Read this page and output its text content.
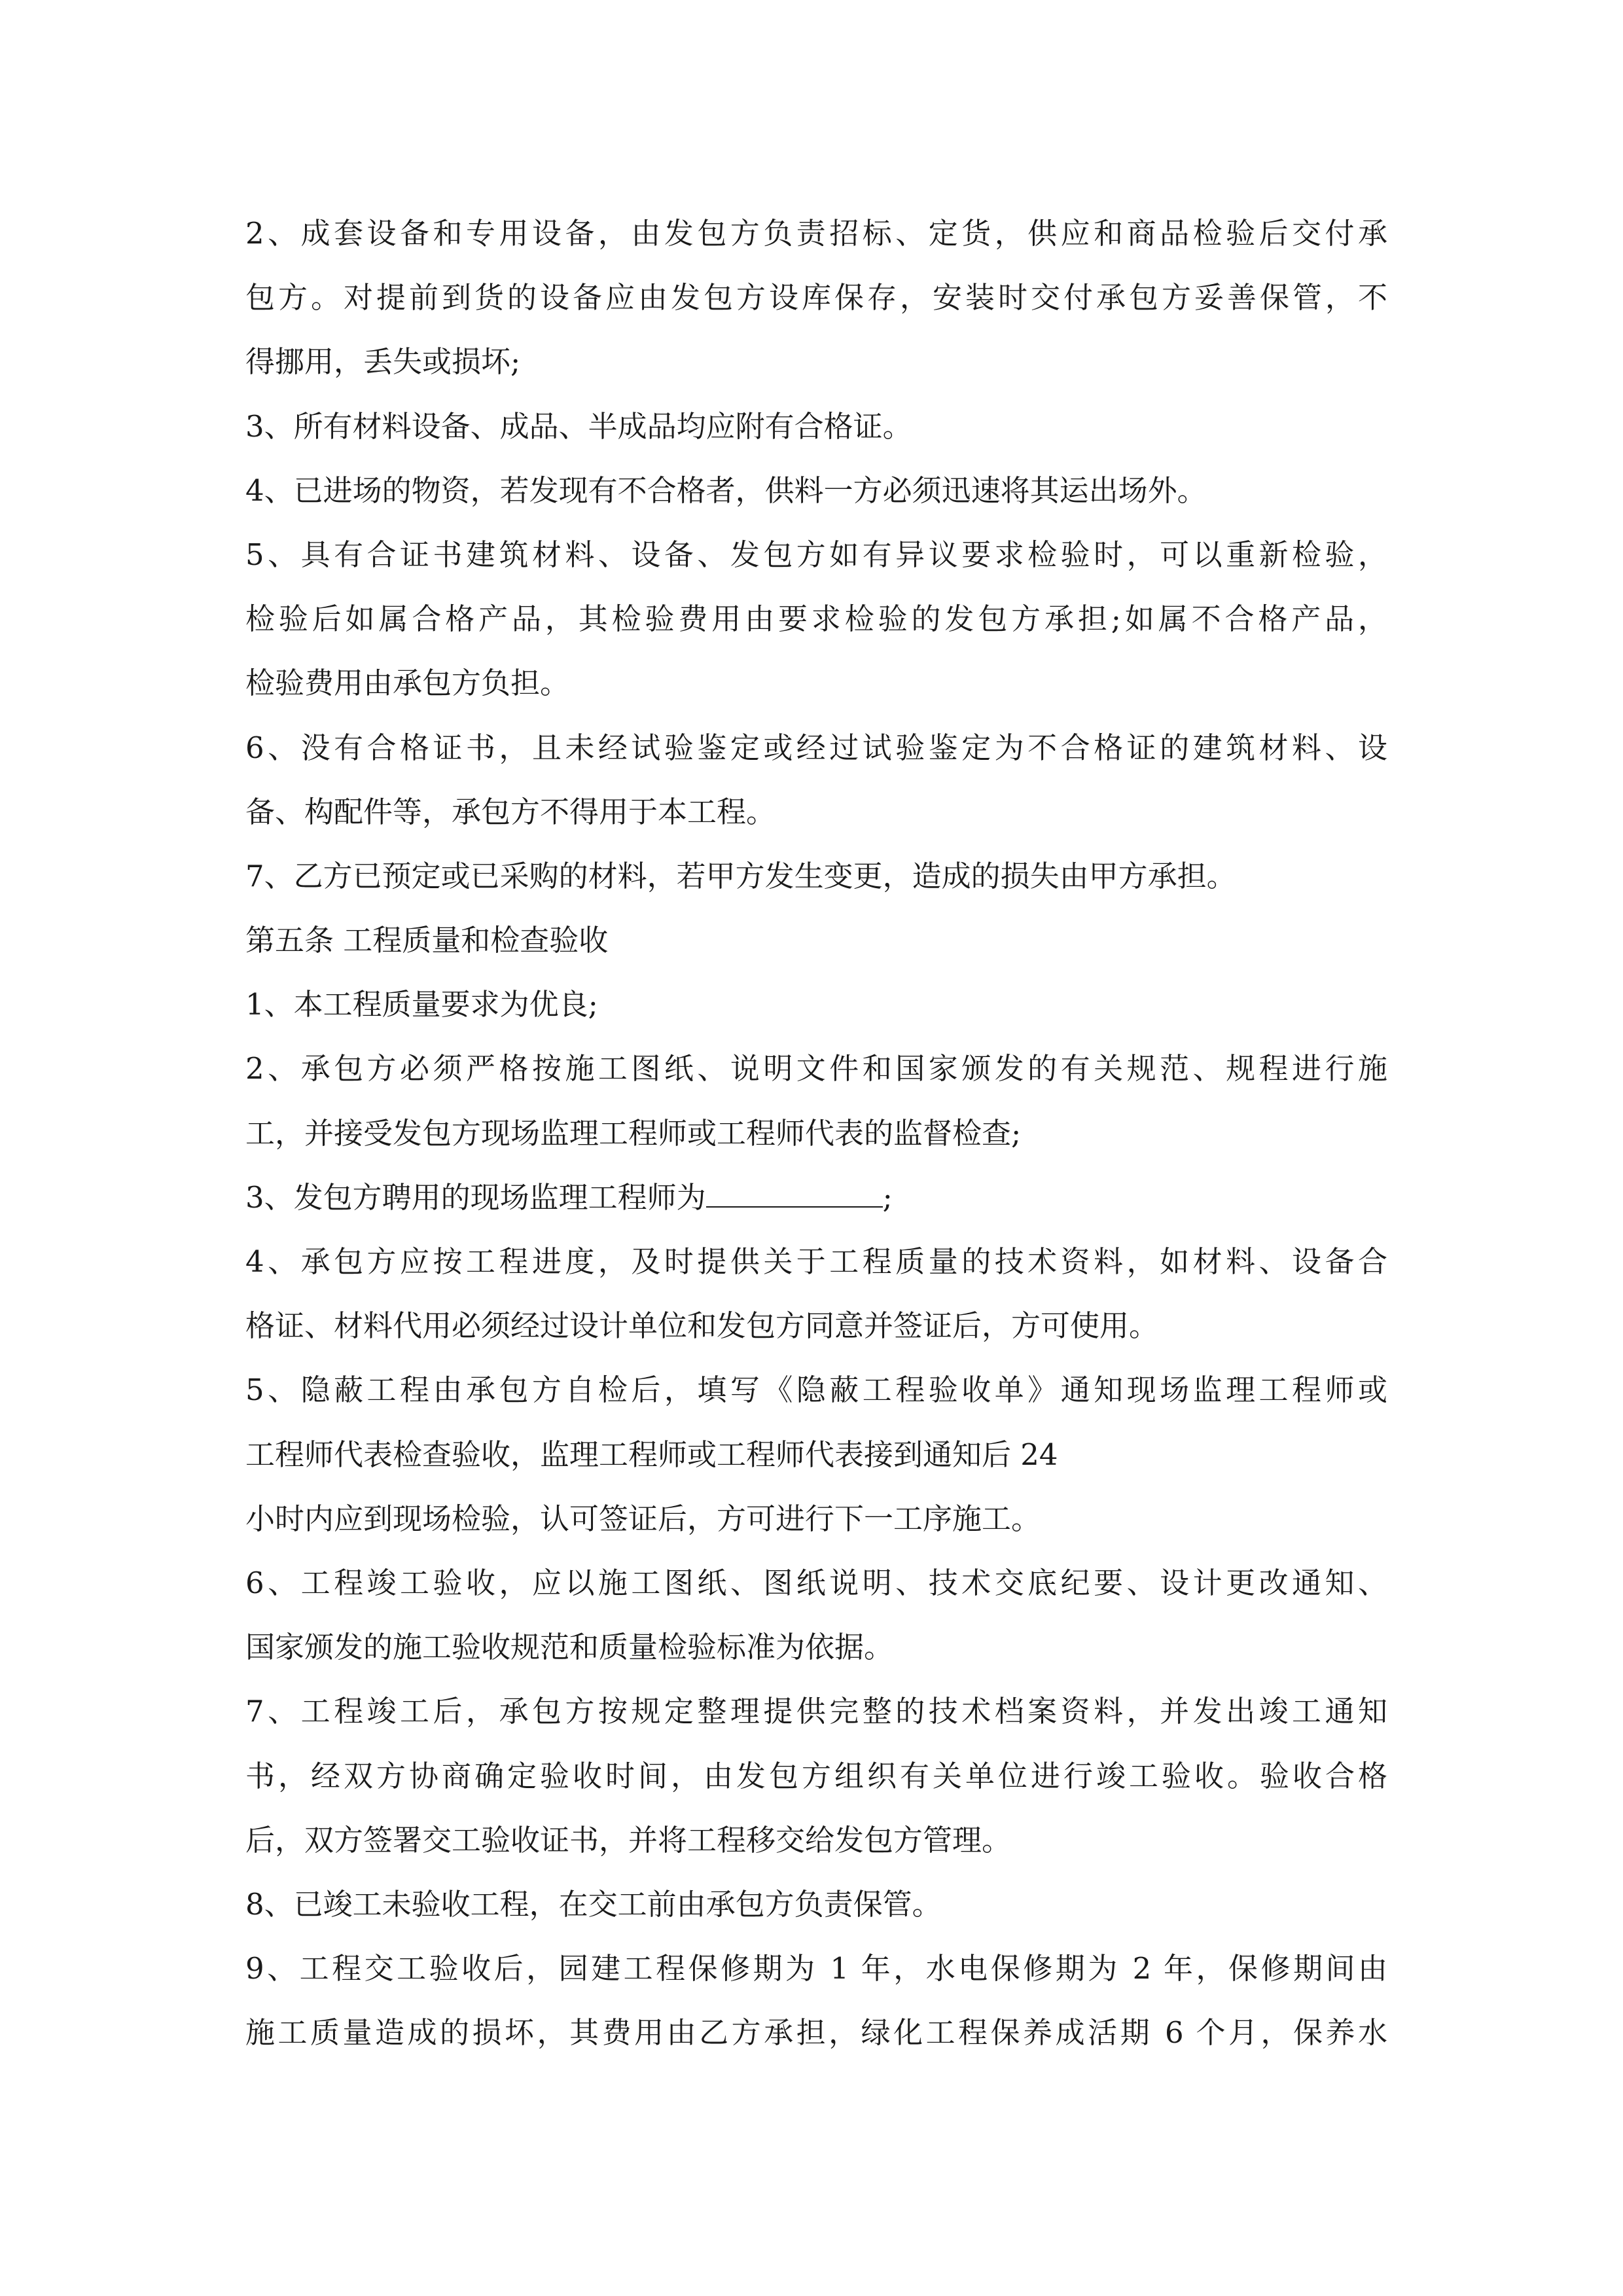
2、成套设备和专用设备，由发包方负责招标、定货，供应和商品检验后交付承
包方。对提前到货的设备应由发包方设库保存，安装时交付承包方妥善保管，不
得挪用，丢失或损坏;
3、所有材料设备、成品、半成品均应附有合格证。
4、已进场的物资，若发现有不合格者，供料一方必须迅速将其运出场外。
5、具有合证书建筑材料、设备、发包方如有异议要求检验时，可以重新检验，
检验后如属合格产品，其检验费用由要求检验的发包方承担;如属不合格产品，
检验费用由承包方负担。
6、没有合格证书，且未经试验鉴定或经过试验鉴定为不合格证的建筑材料、设
备、构配件等，承包方不得用于本工程。
7、乙方已预定或已采购的材料，若甲方发生变更，造成的损失由甲方承担。
第五条 工程质量和检查验收
1、本工程质量要求为优良;
2、承包方必须严格按施工图纸、说明文件和国家颁发的有关规范、规程进行施
工，并接受发包方现场监理工程师或工程师代表的监督检查;
3、发包方聘用的现场监理工程师为	;
4、承包方应按工程进度，及时提供关于工程质量的技术资料，如材料、设备合
格证、材料代用必须经过设计单位和发包方同意并签证后，方可使用。
5、隐蔽工程由承包方自检后，填写《隐蔽工程验收单》通知现场监理工程师或
工程师代表检查验收，监理工程师或工程师代表接到通知后 24
小时内应到现场检验，认可签证后，方可进行下一工序施工。
6、工程竣工验收，应以施工图纸、图纸说明、技术交底纪要、设计更改通知、
国家颁发的施工验收规范和质量检验标准为依据。
7、工程竣工后，承包方按规定整理提供完整的技术档案资料，并发出竣工通知
书，经双方协商确定验收时间，由发包方组织有关单位进行竣工验收。验收合格
后，双方签署交工验收证书，并将工程移交给发包方管理。
8、已竣工未验收工程，在交工前由承包方负责保管。
9、工程交工验收后，园建工程保修期为 1 年，水电保修期为 2 年，保修期间由
施工质量造成的损坏，其费用由乙方承担，绿化工程保养成活期 6 个月，保养水
